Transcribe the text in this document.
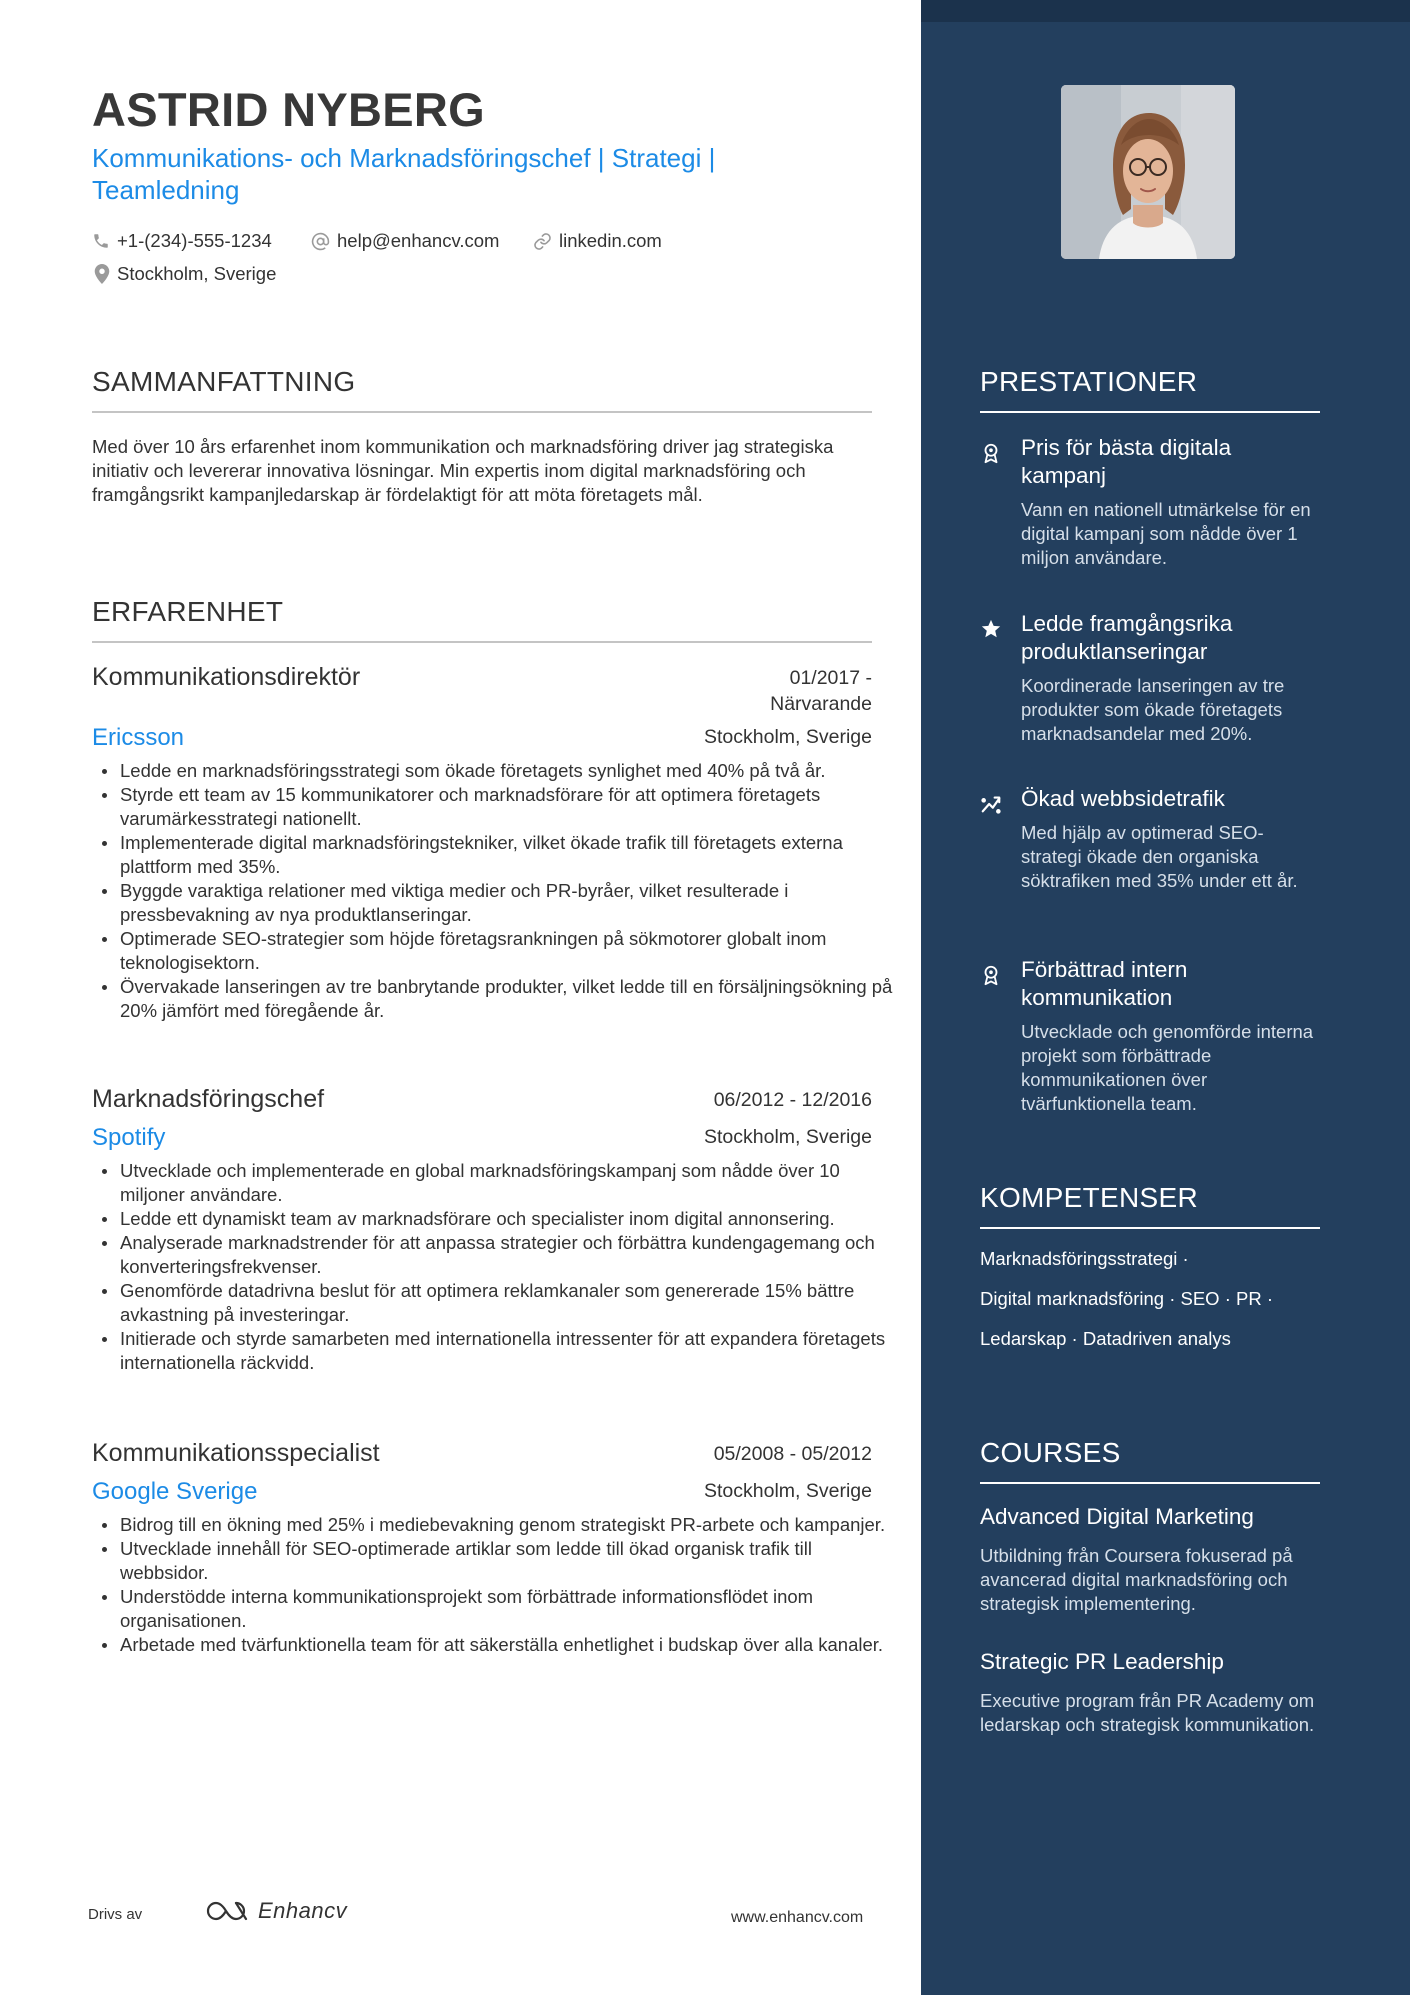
ASTRID NYBERG

Kommunikations- och Marknadsföringschef | Strategi | Teamledning

+1-(234)-555-1234	help@enhancv.com	linkedin.com
Stockholm, Sverige
SAMMANFATTNING

Med över 10 års erfarenhet inom kommunikation och marknadsföring driver jag strategiska initiativ och levererar innovativa lösningar. Min expertis inom digital marknadsföring och framgångsrikt kampanjledarskap är fördelaktigt för att möta företagets mål.

ERFARENHET
Kommunikationsdirektör	01/2017 - Närvarande
Ericsson	Stockholm, Sverige
Ledde en marknadsföringsstrategi som ökade företagets synlighet med 40% på två år.
Styrde ett team av 15 kommunikatorer och marknadsförare för att optimera företagets varumärkesstrategi nationellt.
Implementerade digital marknadsföringstekniker, vilket ökade trafik till företagets externa plattform med 35%.
Byggde varaktiga relationer med viktiga medier och PR-byråer, vilket resulterade i pressbevakning av nya produktlanseringar.
Optimerade SEO-strategier som höjde företagsrankningen på sökmotorer globalt inom teknologisektorn.
Övervakade lanseringen av tre banbrytande produkter, vilket ledde till en försäljningsökning på 20% jämfört med föregående år.
Marknadsföringschef	06/2012 - 12/2016
Spotify	Stockholm, Sverige
Utvecklade och implementerade en global marknadsföringskampanj som nådde över 10 miljoner användare.
Ledde ett dynamiskt team av marknadsförare och specialister inom digital annonsering.
Analyserade marknadstrender för att anpassa strategier och förbättra kundengagemang och konverteringsfrekvenser.
Genomförde datadrivna beslut för att optimera reklamkanaler som genererade 15% bättre avkastning på investeringar.
Initierade och styrde samarbeten med internationella intressenter för att expandera företagets internationella räckvidd.
Kommunikationsspecialist	05/2008 - 05/2012
Google Sverige	Stockholm, Sverige
Bidrog till en ökning med 25% i mediebevakning genom strategiskt PR-arbete och kampanjer.
Utvecklade innehåll för SEO-optimerade artiklar som ledde till ökad organisk trafik till webbsidor.
Understödde interna kommunikationsprojekt som förbättrade informationsflödet inom organisationen.
Arbetade med tvärfunktionella team för att säkerställa enhetlighet i budskap över alla kanaler.
Drivs av	Enhancv	www.enhancv.com
PRESTATIONER
Pris för bästa digitala kampanj

Vann en nationell utmärkelse för en digital kampanj som nådde över 1 miljon användare.

Ledde framgångsrika produktlanseringar

Koordinerade lanseringen av tre produkter som ökade företagets marknadsandelar med 20%.

Ökad webbsidetrafik

Med hjälp av optimerad SEO-strategi ökade den organiska söktrafiken med 35% under ett år.

Förbättrad intern kommunikation

Utvecklade och genomförde interna projekt som förbättrade kommunikationen över tvärfunktionella team.

KOMPETENSER
Marknadsföringsstrategi ·
Digital marknadsföring · SEO · PR ·
Ledarskap · Datadriven analys
COURSES
Advanced Digital Marketing

Utbildning från Coursera fokuserad på avancerad digital marknadsföring och strategisk implementering.

Strategic PR Leadership

Executive program från PR Academy om ledarskap och strategisk kommunikation.
